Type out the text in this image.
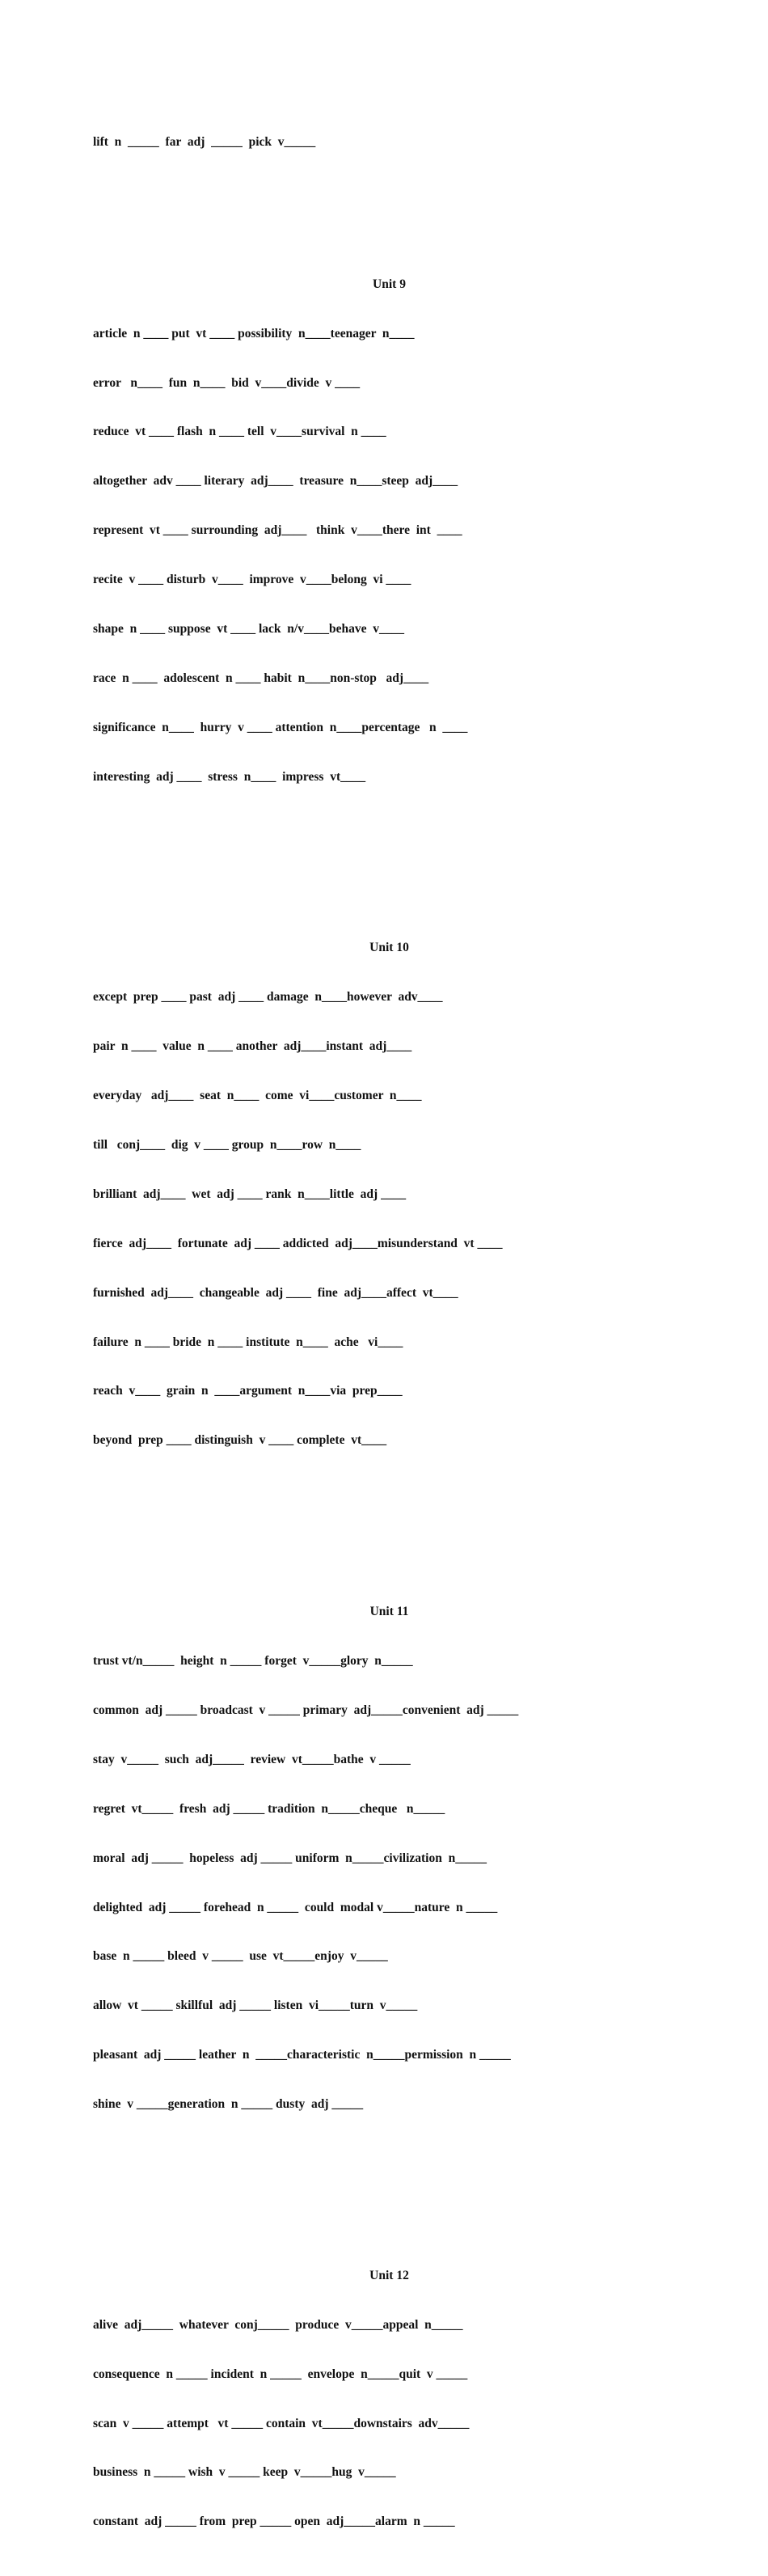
lift  n  _____  far  adj  _____  pick  v_____

Unit 9

article  n ____ put  vt ____ possibility  n____teenager  n____

error   n____  fun  n____  bid  v____divide  v ____

reduce  vt ____ flash  n ____ tell  v____survival  n ____

altogether  adv ____ literary  adj____  treasure  n____steep  adj____

represent  vt ____ surrounding  adj____   think  v____there  int  ____

recite  v ____ disturb  v____  improve  v____belong  vi ____

shape  n ____ suppose  vt ____ lack  n/v____behave  v____

race  n ____  adolescent  n ____ habit  n____non-stop   adj____

significance  n____  hurry  v ____ attention  n____percentage   n  ____

interesting  adj ____  stress  n____  impress  vt____

Unit 10

except  prep ____ past  adj ____ damage  n____however  adv____

pair  n ____  value  n ____ another  adj____instant  adj____

everyday   adj____  seat  n____  come  vi____customer  n____

till   conj____  dig  v ____ group  n____row  n____

brilliant  adj____  wet  adj ____ rank  n____little  adj ____

fierce  adj____  fortunate  adj ____ addicted  adj____misunderstand  vt ____

furnished  adj____  changeable  adj ____  fine  adj____affect  vt____

failure  n ____ bride  n ____ institute  n____  ache   vi____

reach  v____  grain  n  ____argument  n____via  prep____

beyond  prep ____ distinguish  v ____ complete  vt____

Unit 11

trust vt/n_____  height  n _____ forget  v_____glory  n_____

common  adj _____ broadcast  v _____ primary  adj_____convenient  adj _____

stay  v_____  such  adj_____  review  vt_____bathe  v _____

regret  vt_____  fresh  adj _____ tradition  n_____cheque   n_____

moral  adj _____  hopeless  adj _____ uniform  n_____civilization  n_____

delighted  adj _____ forehead  n _____  could  modal v_____nature  n _____

base  n _____ bleed  v _____  use  vt_____enjoy  v_____

allow  vt _____ skillful  adj _____ listen  vi_____turn  v_____

pleasant  adj _____ leather  n  _____characteristic  n_____permission  n _____

shine  v _____generation  n _____ dusty  adj _____

Unit 12

alive  adj_____  whatever  conj_____  produce  v_____appeal  n_____

consequence  n _____ incident  n _____  envelope  n_____quit  v _____

scan  v _____ attempt   vt _____ contain  vt_____downstairs  adv_____

business  n _____ wish  v _____ keep  v_____hug  v_____

constant  adj _____ from  prep _____ open  adj_____alarm  n _____
